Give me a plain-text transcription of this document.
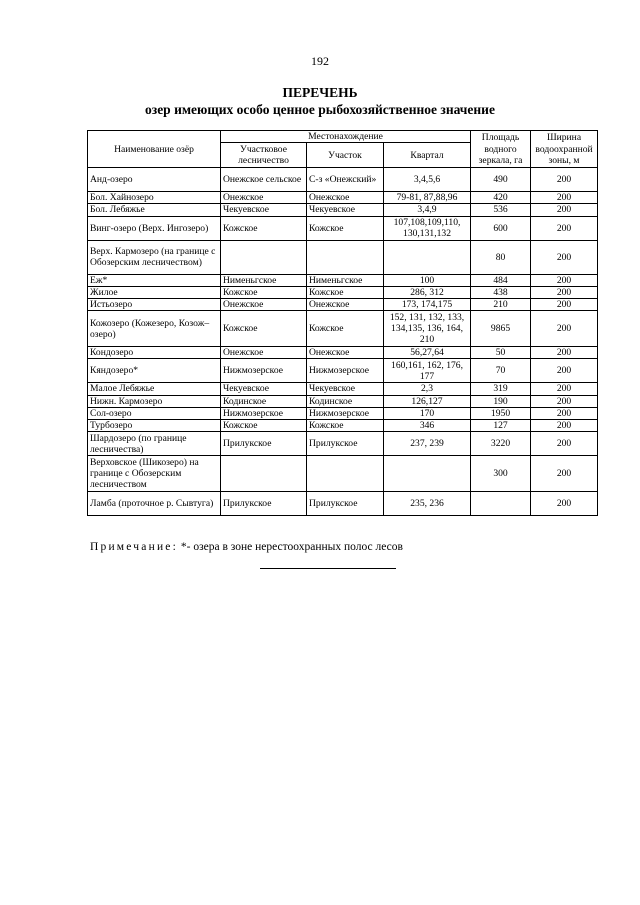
192
ПЕРЕЧЕНЬ
озер имеющих особо ценное рыбохозяйственное значение
Наименование озёр	Местонахождение			Площадь водного зеркала, га	Ширина водоохранной зоны, м
	Участковое лесничество	Участок	Квартал		
Анд-озеро	Онежское сельское	С-з «Онежский»	3,4,5,6	490	200
Бол. Хайнозеро	Онежское	Онежское	79-81, 87,88,96	420	200
Бол. Лебяжье	Чекуевское	Чекуевское	3,4,9	536	200
Винг-озеро (Верх. Ингозеро)	Кожское	Кожское	107,108,109,110, 130,131,132	600	200
Верх. Кармозеро (на границе с Обозерским лесничеством)				80	200
Еж*	Нименьгское	Нименьгское	100	484	200
Жилое	Кожское	Кожское	286, 312	438	200
Истьозеро	Онежское	Онежское	173, 174,175	210	200
Кожозеро (Кожезеро, Козож–озеро)	Кожское	Кожское	152, 131, 132, 133, 134,135, 136, 164, 210	9865	200
Кондозеро	Онежское	Онежское	56,27,64	50	200
Кяндозеро*	Нижмозерское	Нижмозерское	160,161, 162, 176, 177	70	200
Малое Лебяжье	Чекуевское	Чекуевское	2,3	319	200
Нижн. Кармозеро	Кодинское	Кодинское	126,127	190	200
Сол-озеро	Нижмозерское	Нижмозерское	170	1950	200
Турбозеро	Кожское	Кожское	346	127	200
Шардозеро (по границе лесничества)	Прилукское	Прилукское	237, 239	3220	200
Верховское (Шикозеро) на границе с Обозерским лесничеством				300	200
Ламба (проточное р. Сывтуга)	Прилукское	Прилукское	235, 236		200
Примечание: *- озера в зоне нерестоохранных полос лесов
